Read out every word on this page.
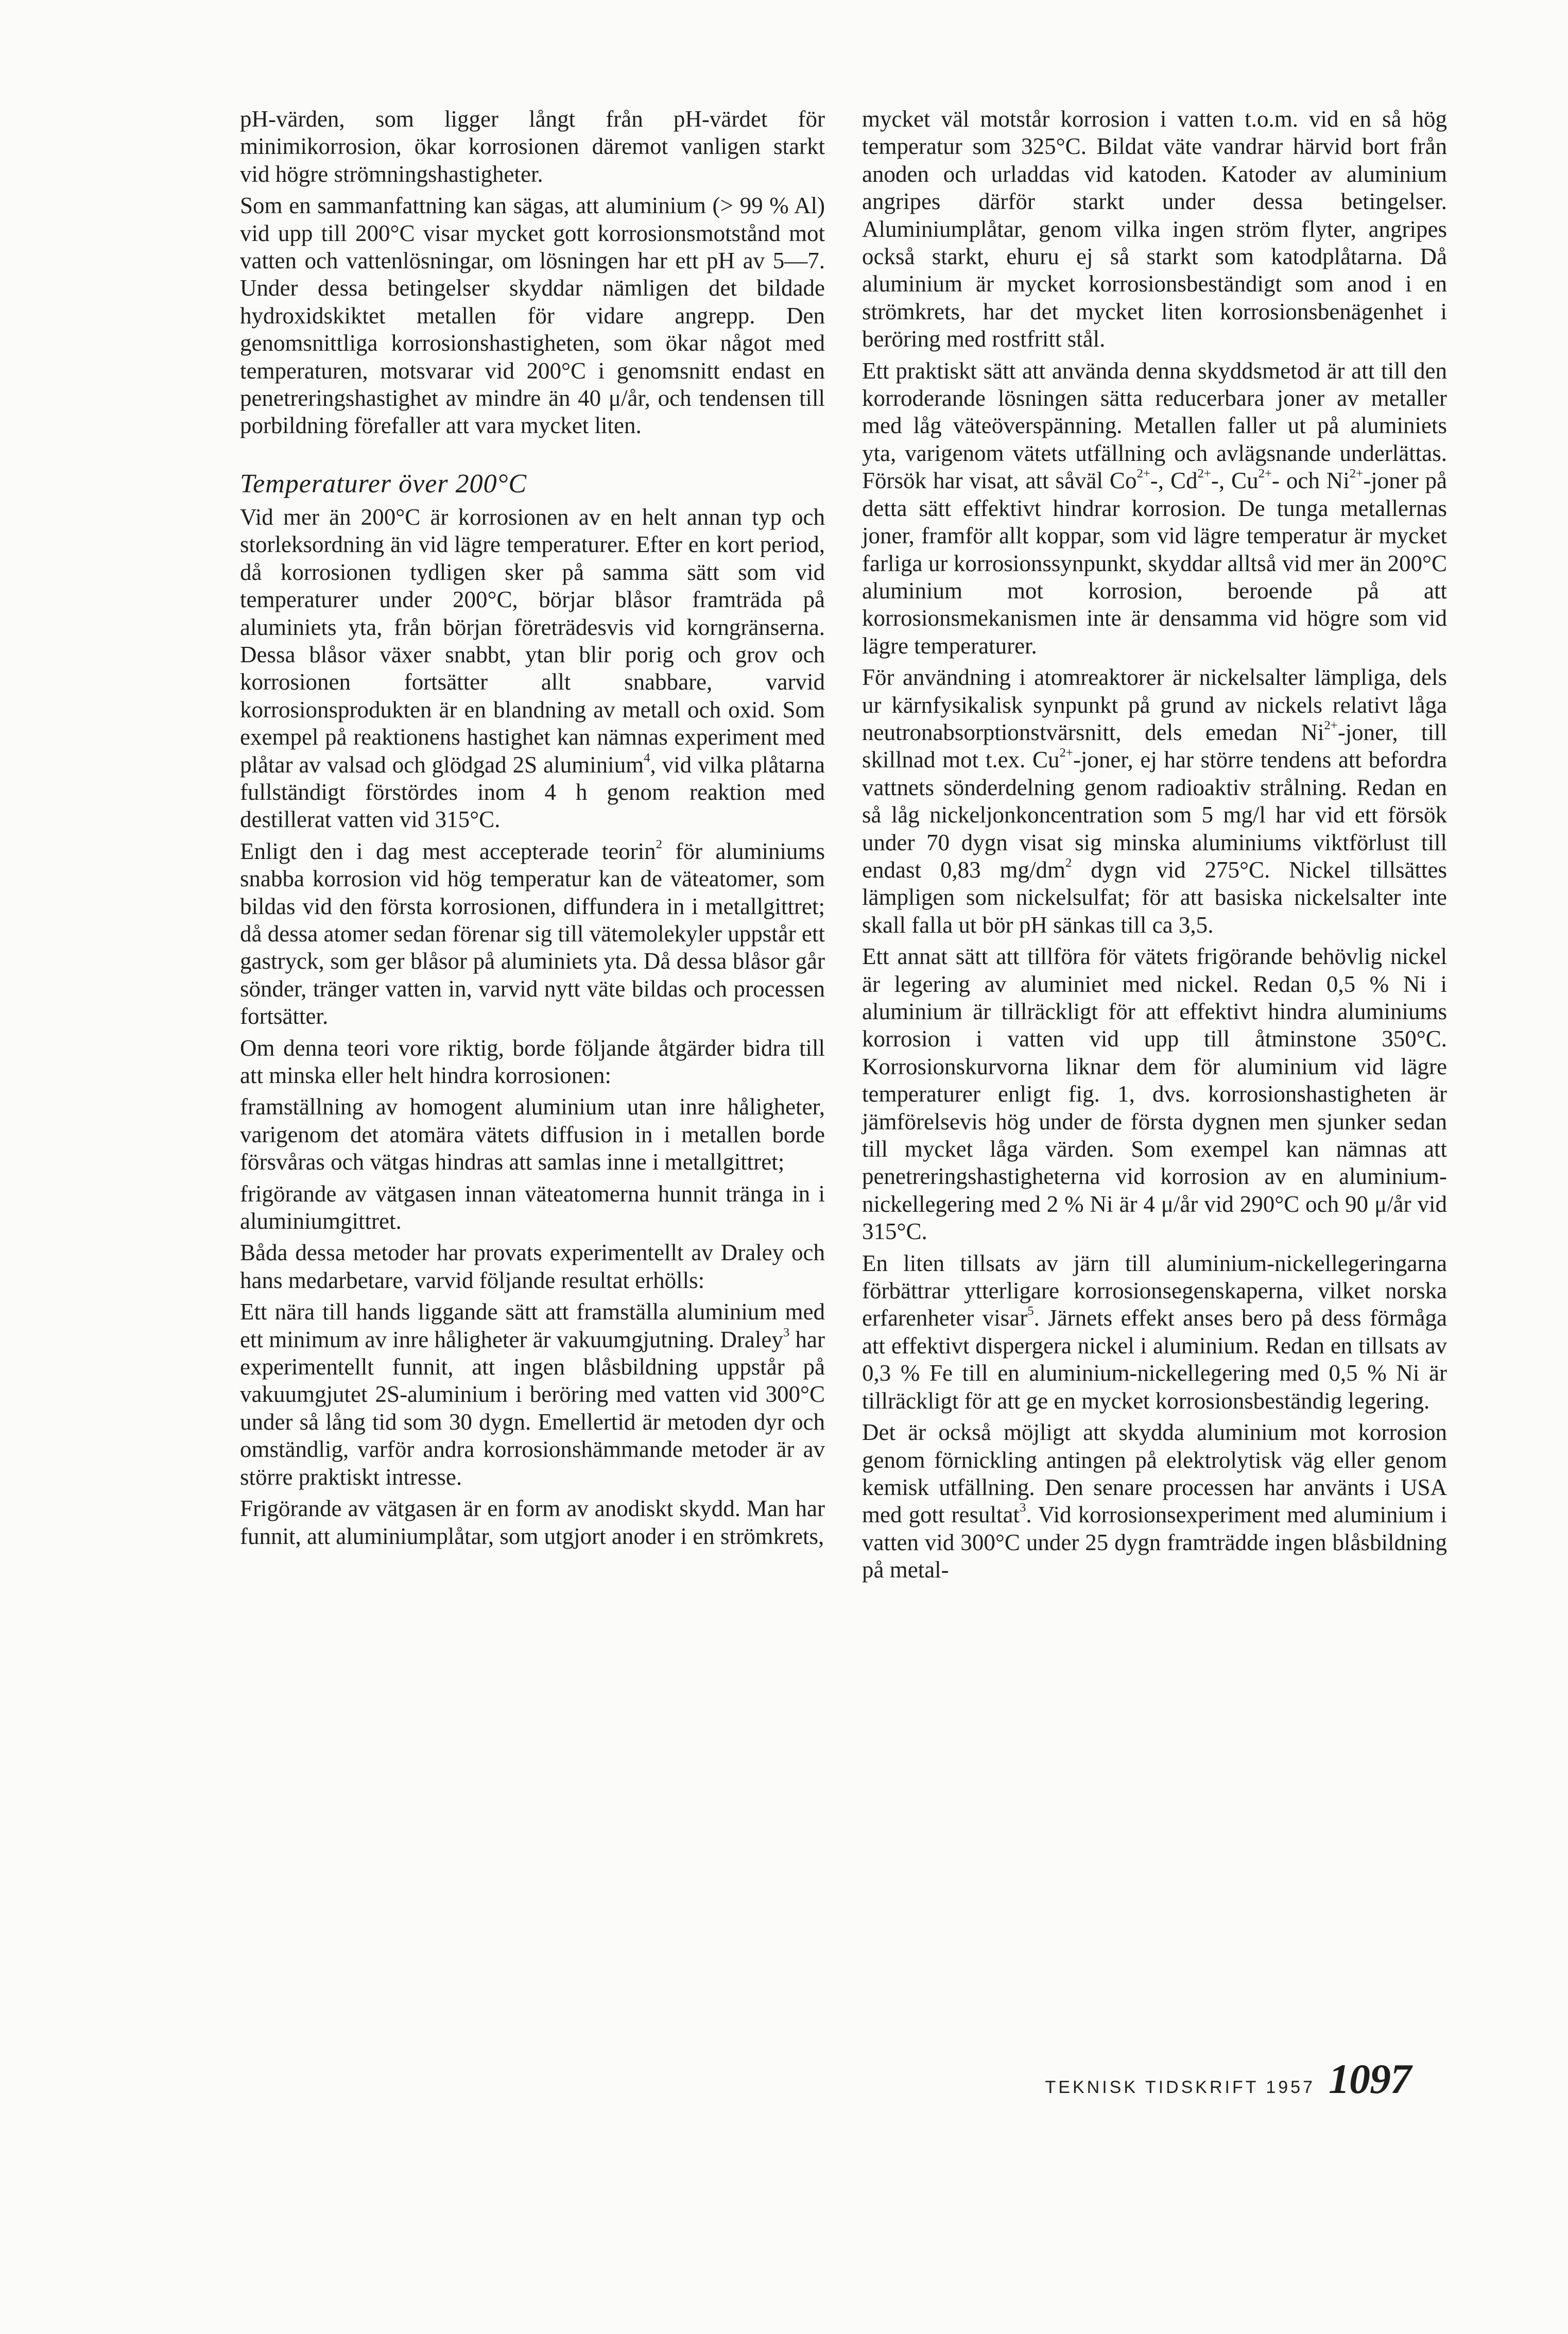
pH-värden, som ligger långt från pH-värdet för minimikorrosion, ökar korrosionen däremot vanligen starkt vid högre strömningshastigheter.

Som en sammanfattning kan sägas, att aluminium (> 99 % Al) vid upp till 200°C visar mycket gott korrosionsmotstånd mot vatten och vattenlösningar, om lösningen har ett pH av 5—7. Under dessa betingelser skyddar nämligen det bildade hydroxidskiktet metallen för vidare angrepp. Den genomsnittliga korrosionshastigheten, som ökar något med temperaturen, motsvarar vid 200°C i genomsnitt endast en penetreringshastighet av mindre än 40 μ/år, och tendensen till porbildning förefaller att vara mycket liten.

Temperaturer över 200°C

Vid mer än 200°C är korrosionen av en helt annan typ och storleksordning än vid lägre temperaturer. Efter en kort period, då korrosionen tydligen sker på samma sätt som vid temperaturer under 200°C, börjar blåsor framträda på aluminiets yta, från början företrädesvis vid korngränserna. Dessa blåsor växer snabbt, ytan blir porig och grov och korrosionen fortsätter allt snabbare, varvid korrosionsprodukten är en blandning av metall och oxid. Som exempel på reaktionens hastighet kan nämnas experiment med plåtar av valsad och glödgad 2S aluminium$^4$, vid vilka plåtarna fullständigt förstördes inom 4 h genom reaktion med destillerat vatten vid 315°C.

Enligt den i dag mest accepterade teorin$^2$ för aluminiums snabba korrosion vid hög temperatur kan de väteatomer, som bildas vid den första korrosionen, diffundera in i metallgittret; då dessa atomer sedan förenar sig till vätemolekyler uppstår ett gastryck, som ger blåsor på aluminiets yta. Då dessa blåsor går sönder, tränger vatten in, varvid nytt väte bildas och processen fortsätter.

Om denna teori vore riktig, borde följande åtgärder bidra till att minska eller helt hindra korrosionen:

framställning av homogent aluminium utan inre håligheter, varigenom det atomära vätets diffusion in i metallen borde försvåras och vätgas hindras att samlas inne i metallgittret;

frigörande av vätgasen innan väteatomerna hunnit tränga in i aluminiumgittret.

Båda dessa metoder har provats experimentellt av Draley och hans medarbetare, varvid följande resultat erhölls:

Ett nära till hands liggande sätt att framställa aluminium med ett minimum av inre håligheter är vakuumgjutning. Draley$^3$ har experimentellt funnit, att ingen blåsbildning uppstår på vakuumgjutet 2S-aluminium i beröring med vatten vid 300°C under så lång tid som 30 dygn. Emellertid är metoden dyr och omständlig, varför andra korrosionshämmande metoder är av större praktiskt intresse.

Frigörande av vätgasen är en form av anodiskt skydd. Man har funnit, att aluminiumplåtar, som utgjort anoder i en strömkrets,

mycket väl motstår korrosion i vatten t.o.m. vid en så hög temperatur som 325°C. Bildat väte vandrar härvid bort från anoden och urladdas vid katoden. Katoder av aluminium angripes därför starkt under dessa betingelser. Aluminiumplåtar, genom vilka ingen ström flyter, angripes också starkt, ehuru ej så starkt som katodplåtarna. Då aluminium är mycket korrosionsbeständigt som anod i en strömkrets, har det mycket liten korrosionsbenägenhet i beröring med rostfritt stål.

Ett praktiskt sätt att använda denna skyddsmetod är att till den korroderande lösningen sätta reducerbara joner av metaller med låg väteöverspänning. Metallen faller ut på aluminiets yta, varigenom vätets utfällning och avlägsnande underlättas. Försök har visat, att såväl $Co^{2+}-$, $Cd^{2+}-$, $Cu^{2+}-$ och $Ni^{2+}$-joner på detta sätt effektivt hindrar korrosion. De tunga metallernas joner, framför allt koppar, som vid lägre temperatur är mycket farliga ur korrosionssynpunkt, skyddar alltså vid mer än 200°C aluminium mot korrosion, beroende på att korrosionsmekanismen inte är densamma vid högre som vid lägre temperaturer.

För användning i atomreaktorer är nickelsalter lämpliga, dels ur kärnfysikalisk synpunkt på grund av nickels relativt låga neutronabsorptionstvärsnitt, dels emedan $Ni^{2+}$-joner, till skillnad mot t.ex. $Cu^{2+}$-joner, ej har större tendens att befordra vattnets sönderdelning genom radioaktiv strålning. Redan en så låg nickeljonkoncentration som 5 mg/l har vid ett försök under 70 dygn visat sig minska aluminiums viktförlust till endast 0,83 $mg/dm^2$ dygn vid 275°C. Nickel tillsättes lämpligen som nickelsulfat; för att basiska nickelsalter inte skall falla ut bör pH sänkas till ca 3,5.

Ett annat sätt att tillföra för vätets frigörande behövlig nickel är legering av aluminiet med nickel. Redan 0,5 % Ni i aluminium är tillräckligt för att effektivt hindra aluminiums korrosion i vatten vid upp till åtminstone 350°C. Korrosionskurvorna liknar dem för aluminium vid lägre temperaturer enligt fig. 1, dvs. korrosionshastigheten är jämförelsevis hög under de första dygnen men sjunker sedan till mycket låga värden. Som exempel kan nämnas att penetreringshastigheterna vid korrosion av en aluminium-nickellegering med 2 % Ni är 4 μ/år vid 290°C och 90 μ/år vid 315°C.

En liten tillsats av järn till aluminium-nickellegeringarna förbättrar ytterligare korrosionsegenskaperna, vilket norska erfarenheter visar$^5$. Järnets effekt anses bero på dess förmåga att effektivt dispergera nickel i aluminium. Redan en tillsats av 0,3 % Fe till en aluminium-nickellegering med 0,5 % Ni är tillräckligt för att ge en mycket korrosionsbeständig legering.

Det är också möjligt att skydda aluminium mot korrosion genom förnickling antingen på elektrolytisk väg eller genom kemisk utfällning. Den senare processen har använts i USA med gott resultat$^3$. Vid korrosionsexperiment med aluminium i vatten vid 300°C under 25 dygn framträdde ingen blåsbildning på metal-

TEKNISK TIDSKRIFT 1957 1097
